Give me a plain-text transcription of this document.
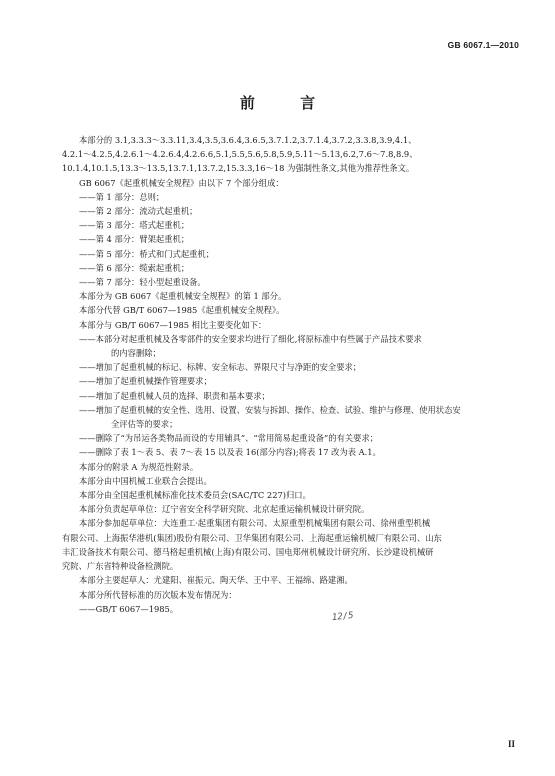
GB 6067.1—2010
前 言

本部分的 3.1,3.3.3～3.3.11,3.4,3.5,3.6.4,3.6.5,3.7.1.2,3.7.1.4,3.7.2,3.3.8,3.9,4.1、

4.2.1～4.2.5,4.2.6.1～4.2.6.4,4.2.6.6,5.1,5.5,5.6,5.8,5.9,5.11～5.13,6.2,7.6～7.8,8.9、

10.1.4,10.1.5,13.3～13.5,13.7.1,13.7.2,15.3.3,16～18 为强制性条文,其他为推荐性条文。

GB 6067《起重机械安全规程》由以下 7 个部分组成：

——第 1 部分：总则；

——第 2 部分：流动式起重机；

——第 3 部分：塔式起重机；

——第 4 部分：臂架起重机；

——第 5 部分：桥式和门式起重机；

——第 6 部分：缆索起重机；

——第 7 部分：轻小型起重设备。

本部分为 GB 6067《起重机械安全规程》的第 1 部分。

本部分代替 GB/T 6067—1985《起重机械安全规程》。

本部分与 GB/T 6067—1985 相比主要变化如下：

——本部分对起重机械及各零部件的安全要求均进行了细化,将原标准中有些属于产品技术要求

的内容删除；

——增加了起重机械的标记、标牌、安全标志、界限尺寸与净距的安全要求；

——增加了起重机械操作管理要求；

——增加了起重机械人员的选择、职责和基本要求；

——增加了起重机械的安全性、选用、设置、安装与拆卸、操作、检查、试验、维护与修理、使用状态安

全评估等的要求；

——删除了“为吊运各类物品而设的专用辅具”、“常用简易起重设备”的有关要求；

——删除了表 1～表 5、表 7～表 15 以及表 16(部分内容);将表 17 改为表 A.1。

本部分的附录 A 为规范性附录。

本部分由中国机械工业联合会提出。

本部分由全国起重机械标准化技术委员会(SAC/TC 227)归口。

本部分负责起草单位：辽宁省安全科学研究院、北京起重运输机械设计研究院。

本部分参加起草单位：大连重工·起重集团有限公司、太原重型机械集团有限公司、徐州重型机械

有限公司、上海振华港机(集团)股份有限公司、卫华集团有限公司、上海起重运输机械厂有限公司、山东

丰汇设备技术有限公司、德马格起重机械(上海)有限公司、国电郑州机械设计研究所、长沙建设机械研

究院、广东省特种设备检测院。

本部分主要起草人：尤建阳、崔振元、陶天华、王中平、王福绵、路建湘。

本部分所代替标准的历次版本发布情况为：

——GB/T 6067—1985。

12/5
II
